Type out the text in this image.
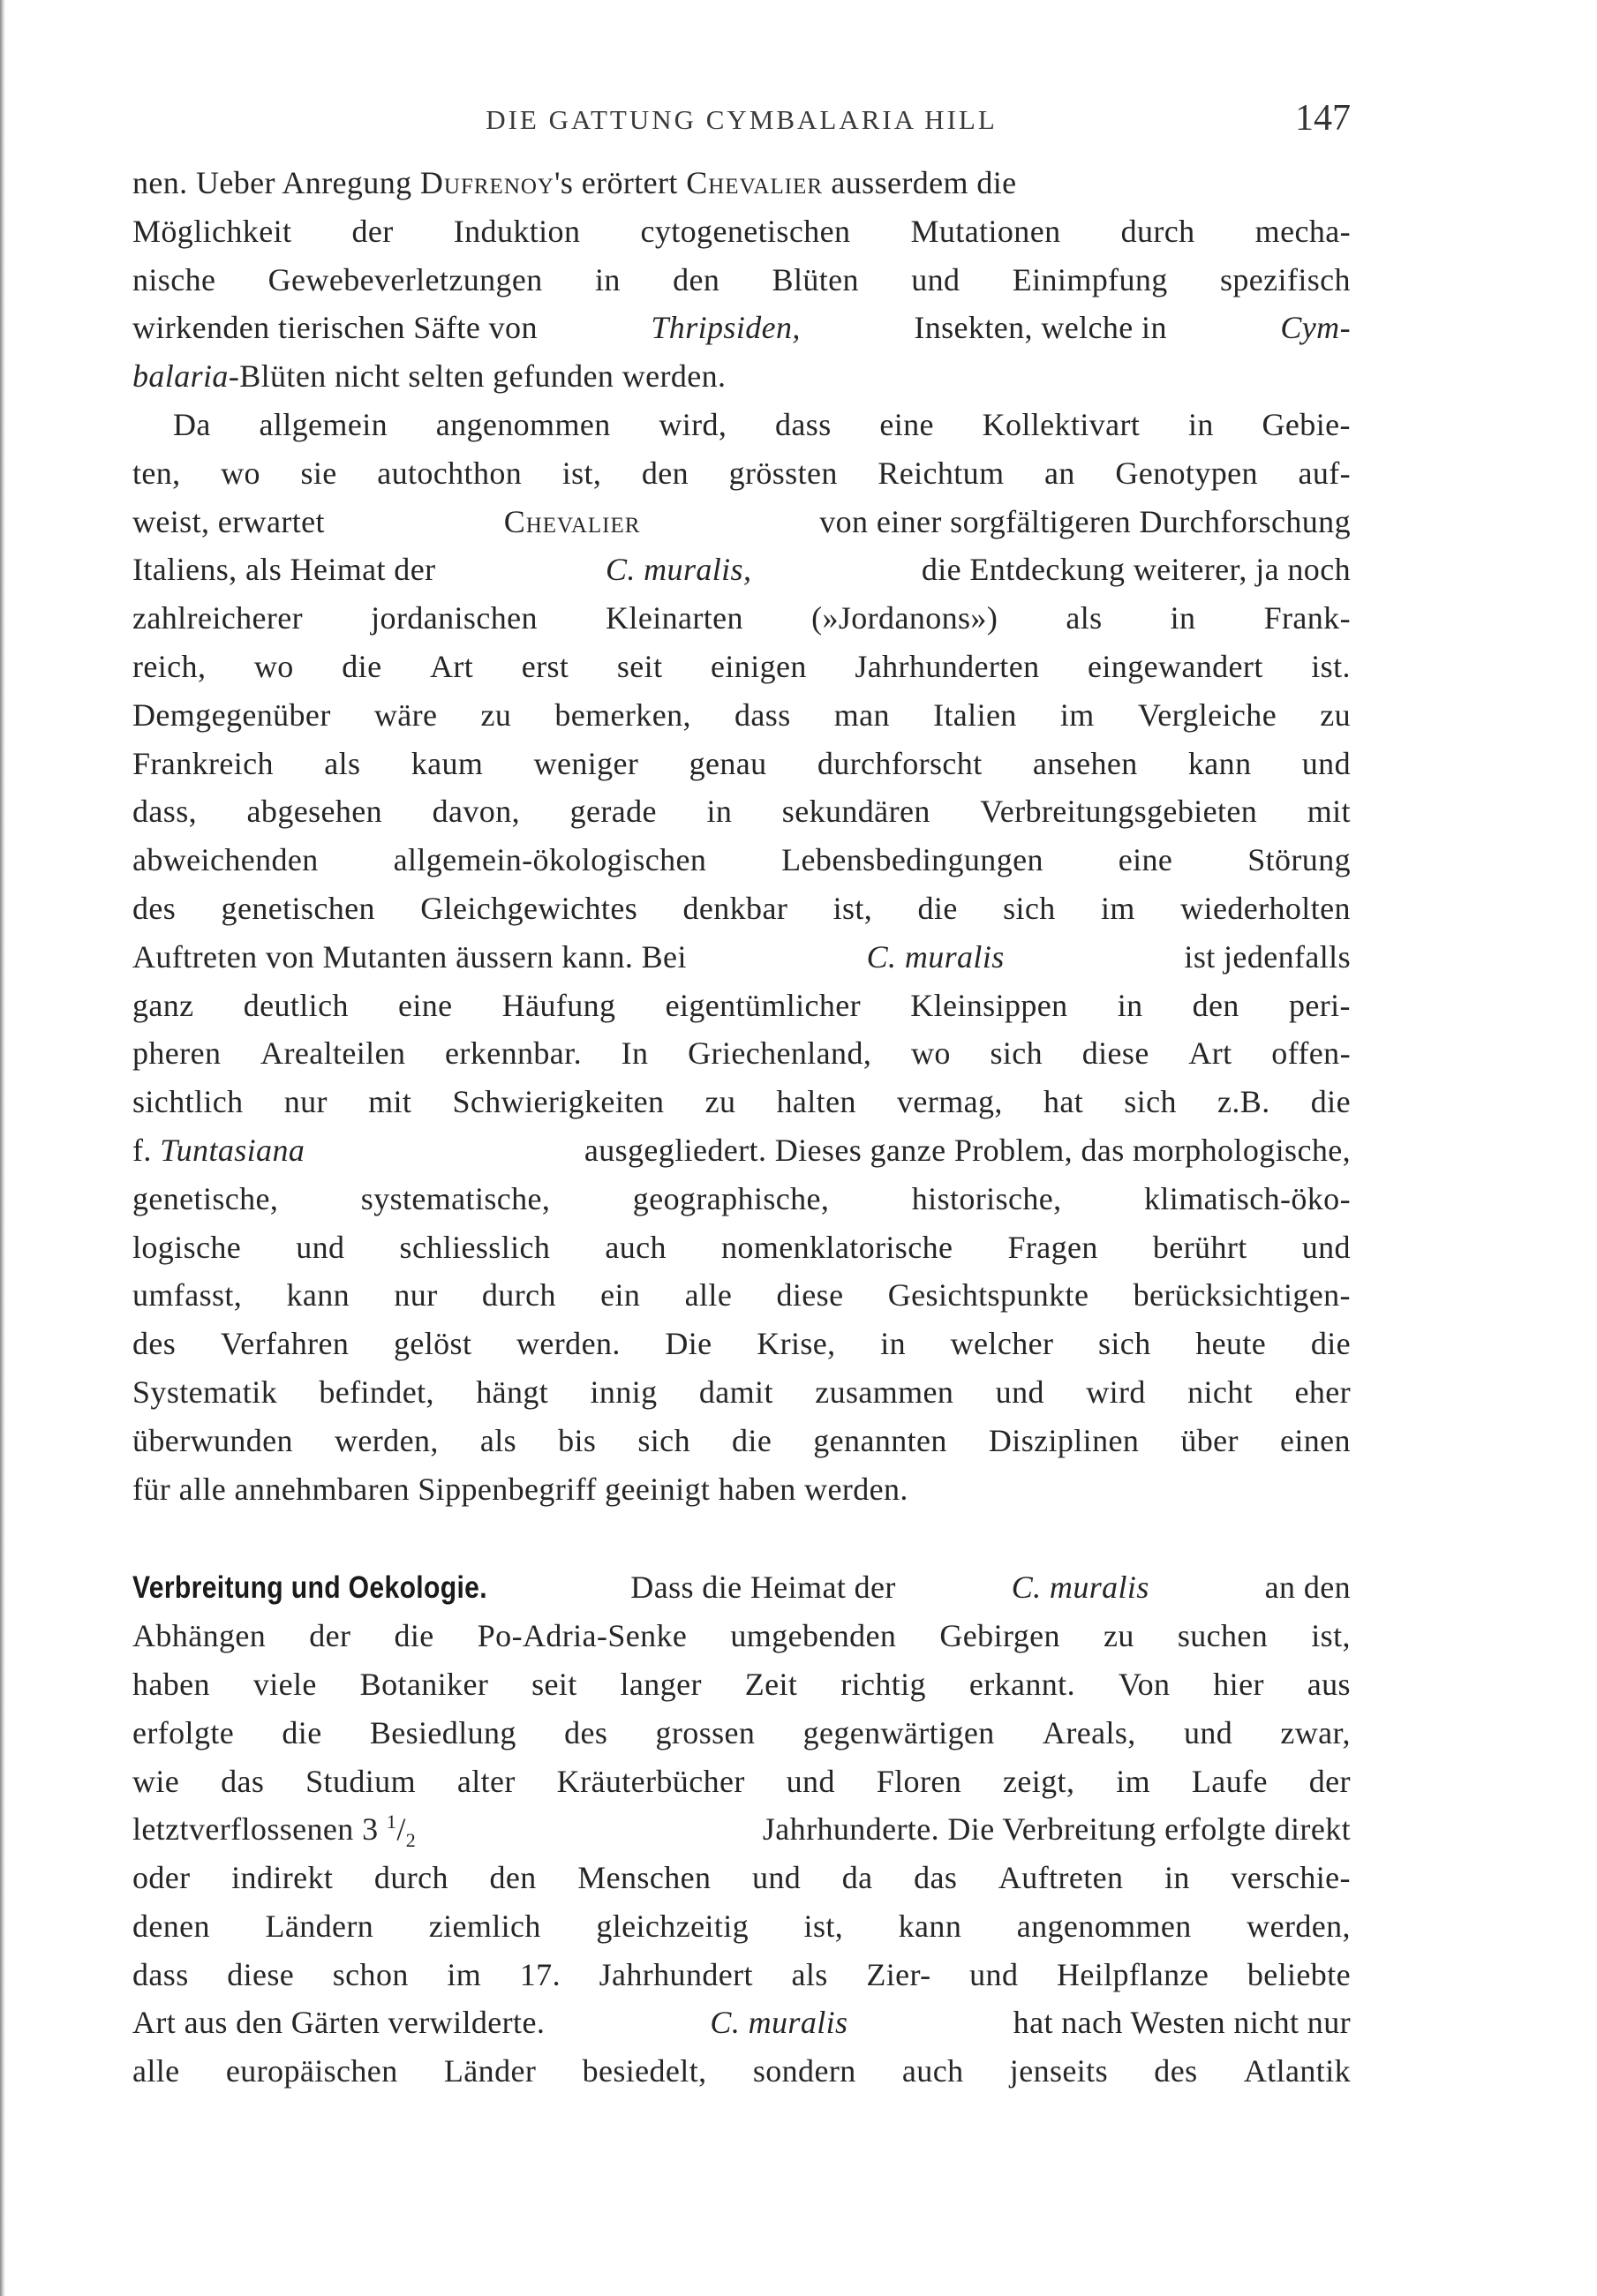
DIE GATTUNG CYMBALARIA HILL	147
nen. Ueber Anregung Dufrenoy's erörtert Chevalier ausserdem die
Möglichkeit der Induktion cytogenetischen Mutationen durch mecha-
nische Gewebeverletzungen in den Blüten und Einimpfung spezifisch
wirkenden tierischen Säfte von	Thripsiden,	Insekten, welche in	Cym-
balaria -Blüten nicht selten gefunden werden.
Da allgemein angenommen wird, dass eine Kollektivart in Gebie-
ten, wo sie autochthon ist, den grössten Reichtum an Genotypen auf-
weist, erwartet	Chevalier	von einer sorgfältigeren Durchforschung
Italiens, als Heimat der	C. muralis,	die Entdeckung weiterer, ja noch
zahlreicherer jordanischen Kleinarten (»Jordanons») als in Frank-
reich, wo die Art erst seit einigen Jahrhunderten eingewandert ist.
Demgegenüber wäre zu bemerken, dass man Italien im Vergleiche zu
Frankreich als kaum weniger genau durchforscht ansehen kann und
dass, abgesehen davon, gerade in sekundären Verbreitungsgebieten mit
abweichenden allgemein-ökologischen Lebensbedingungen eine Störung
des genetischen Gleichgewichtes denkbar ist, die sich im wiederholten
Auftreten von Mutanten äussern kann. Bei	C. muralis	ist jedenfalls
ganz deutlich eine Häufung eigentümlicher Kleinsippen in den peri-
pheren Arealteilen erkennbar. In Griechenland, wo sich diese Art offen-
sichtlich nur mit Schwierigkeiten zu halten vermag, hat sich z.B. die
f. Tuntasiana	ausgegliedert. Dieses ganze Problem, das morphologische,
genetische,	systematische,	geographische,	historische,	klimatisch-öko-
logische und schliesslich auch nomenklatorische Fragen berührt und
umfasst, kann nur durch ein alle diese Gesichtspunkte berücksichtigen-
des Verfahren gelöst werden. Die Krise, in welcher sich heute die
Systematik befindet, hängt innig damit zusammen und wird nicht eher
überwunden werden, als bis sich die genannten Disziplinen über einen
für alle annehmbaren Sippenbegriff geeinigt haben werden.
Verbreitung und Oekologie.	Dass die Heimat der	C. muralis	an den
Abhängen der die Po-Adria-Senke umgebenden Gebirgen zu suchen ist,
haben viele Botaniker seit langer Zeit richtig erkannt. Von hier aus
erfolgte die Besiedlung des grossen gegenwärtigen Areals, und zwar,
wie das Studium alter Kräuterbücher und Floren zeigt, im Laufe der
letztverflossenen 3 $^1/_2$	Jahrhunderte. Die Verbreitung erfolgte direkt
oder indirekt durch den Menschen und da das Auftreten in verschie-
denen Ländern ziemlich gleichzeitig ist, kann angenommen werden,
dass diese schon im 17. Jahrhundert als Zier- und Heilpflanze beliebte
Art aus den Gärten verwilderte.	C. muralis	hat nach Westen nicht nur
alle europäischen Länder besiedelt, sondern auch jenseits des Atlantik
